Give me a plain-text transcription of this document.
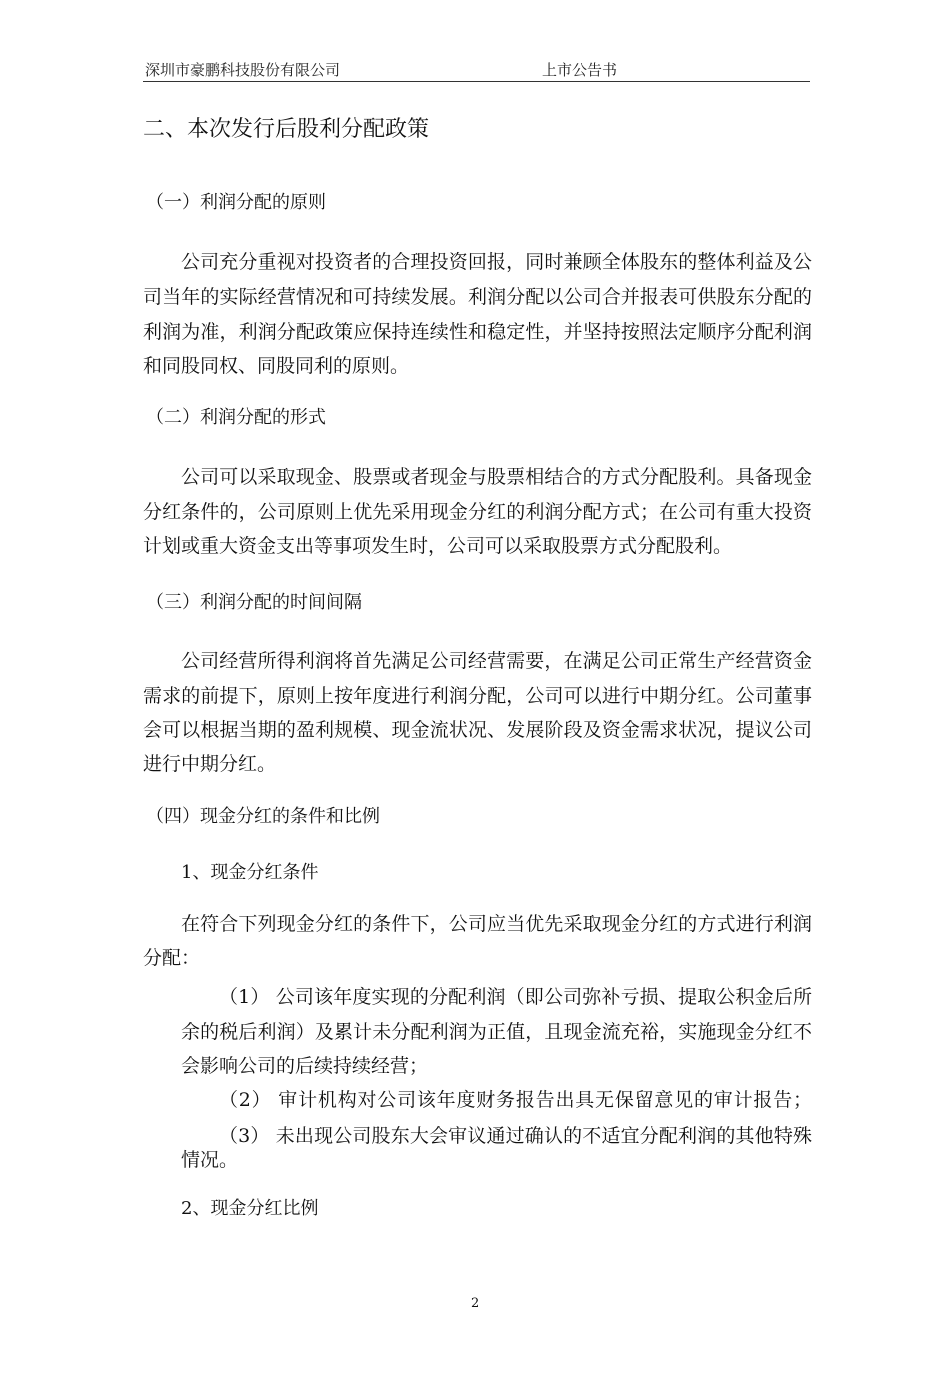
深圳市豪鹏科技股份有限公司	上市公告书
二、本次发行后股利分配政策
（一）利润分配的原则
公司充分重视对投资者的合理投资回报，同时兼顾全体股东的整体利益及公
司当年的实际经营情况和可持续发展。利润分配以公司合并报表可供股东分配的
利润为准，利润分配政策应保持连续性和稳定性，并坚持按照法定顺序分配利润
和同股同权、同股同利的原则。
（二）利润分配的形式
公司可以采取现金、股票或者现金与股票相结合的方式分配股利。具备现金
分红条件的，公司原则上优先采用现金分红的利润分配方式；在公司有重大投资
计划或重大资金支出等事项发生时，公司可以采取股票方式分配股利。
（三）利润分配的时间间隔
公司经营所得利润将首先满足公司经营需要，在满足公司正常生产经营资金
需求的前提下，原则上按年度进行利润分配，公司可以进行中期分红。公司董事
会可以根据当期的盈利规模、现金流状况、发展阶段及资金需求状况，提议公司
进行中期分红。
（四）现金分红的条件和比例
1、现金分红条件
在符合下列现金分红的条件下，公司应当优先采取现金分红的方式进行利润
分配：
（1） 公司该年度实现的分配利润（即公司弥补亏损、提取公积金后所
余的税后利润）及累计未分配利润为正值，且现金流充裕，实施现金分红不
会影响公司的后续持续经营；
（2） 审计机构对公司该年度财务报告出具无保留意见的审计报告；
（3） 未出现公司股东大会审议通过确认的不适宜分配利润的其他特殊
情况。
2、现金分红比例
2
